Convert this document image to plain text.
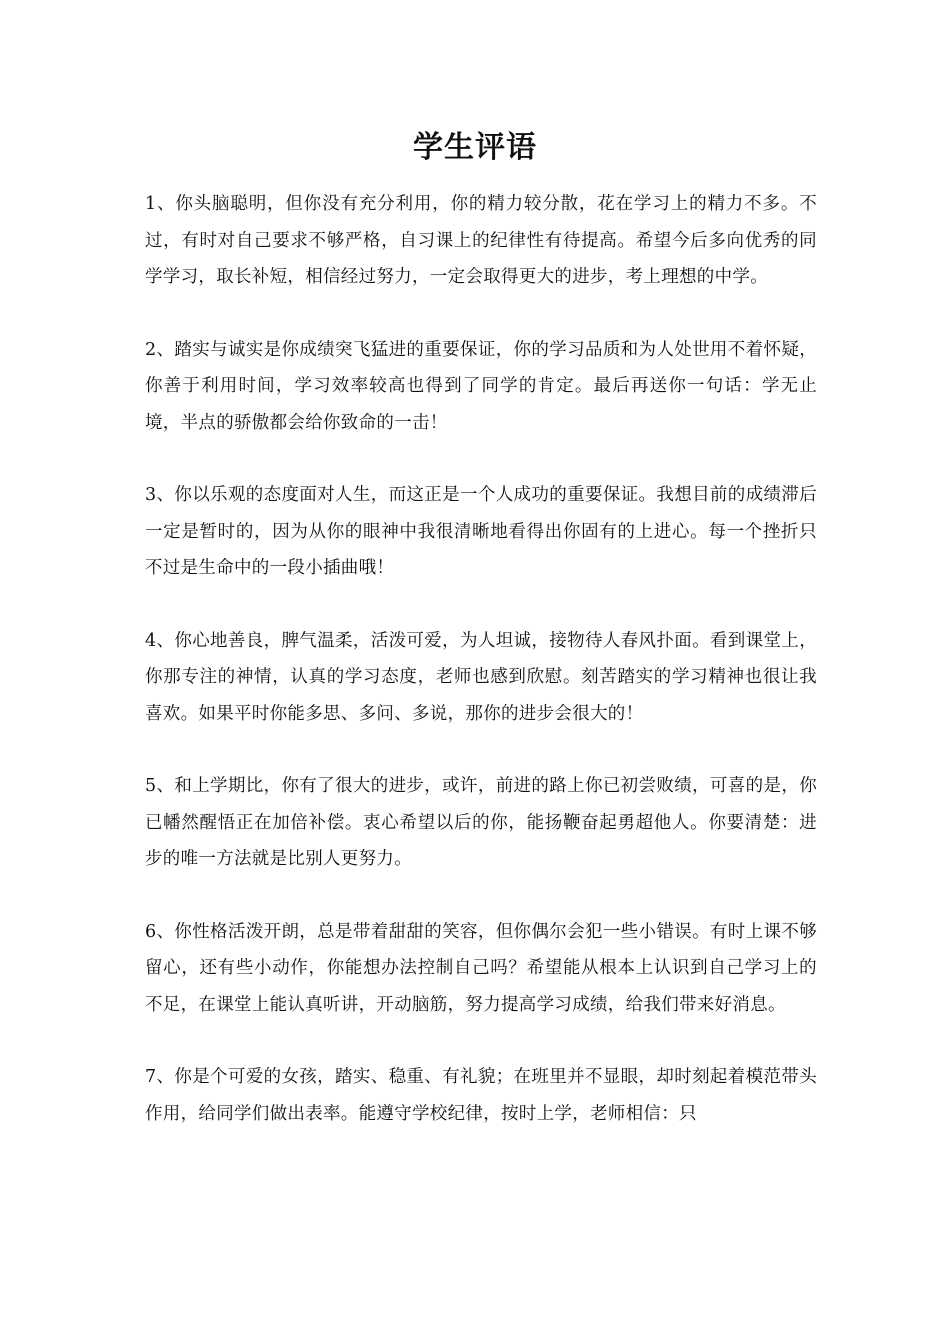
学生评语

1、你头脑聪明，但你没有充分利用，你的精力较分散，花在学习上的精力不多。不过，有时对自己要求不够严格，自习课上的纪律性有待提高。希望今后多向优秀的同学学习，取长补短，相信经过努力，一定会取得更大的进步，考上理想的中学。

2、踏实与诚实是你成绩突飞猛进的重要保证，你的学习品质和为人处世用不着怀疑，你善于利用时间，学习效率较高也得到了同学的肯定。最后再送你一句话：学无止境，半点的骄傲都会给你致命的一击！

3、你以乐观的态度面对人生，而这正是一个人成功的重要保证。我想目前的成绩滞后一定是暂时的，因为从你的眼神中我很清晰地看得出你固有的上进心。每一个挫折只不过是生命中的一段小插曲哦！

4、你心地善良，脾气温柔，活泼可爱，为人坦诚，接物待人春风扑面。看到课堂上，你那专注的神情，认真的学习态度，老师也感到欣慰。刻苦踏实的学习精神也很让我喜欢。如果平时你能多思、多问、多说，那你的进步会很大的！

5、和上学期比，你有了很大的进步，或许，前进的路上你已初尝败绩，可喜的是，你已幡然醒悟正在加倍补偿。衷心希望以后的你，能扬鞭奋起勇超他人。你要清楚：进步的唯一方法就是比别人更努力。

6、你性格活泼开朗，总是带着甜甜的笑容，但你偶尔会犯一些小错误。有时上课不够留心，还有些小动作，你能想办法控制自己吗？希望能从根本上认识到自己学习上的不足，在课堂上能认真听讲，开动脑筋，努力提高学习成绩，给我们带来好消息。

7、你是个可爱的女孩，踏实、稳重、有礼貌；在班里并不显眼，却时刻起着模范带头作用，给同学们做出表率。能遵守学校纪律，按时上学，老师相信：只
